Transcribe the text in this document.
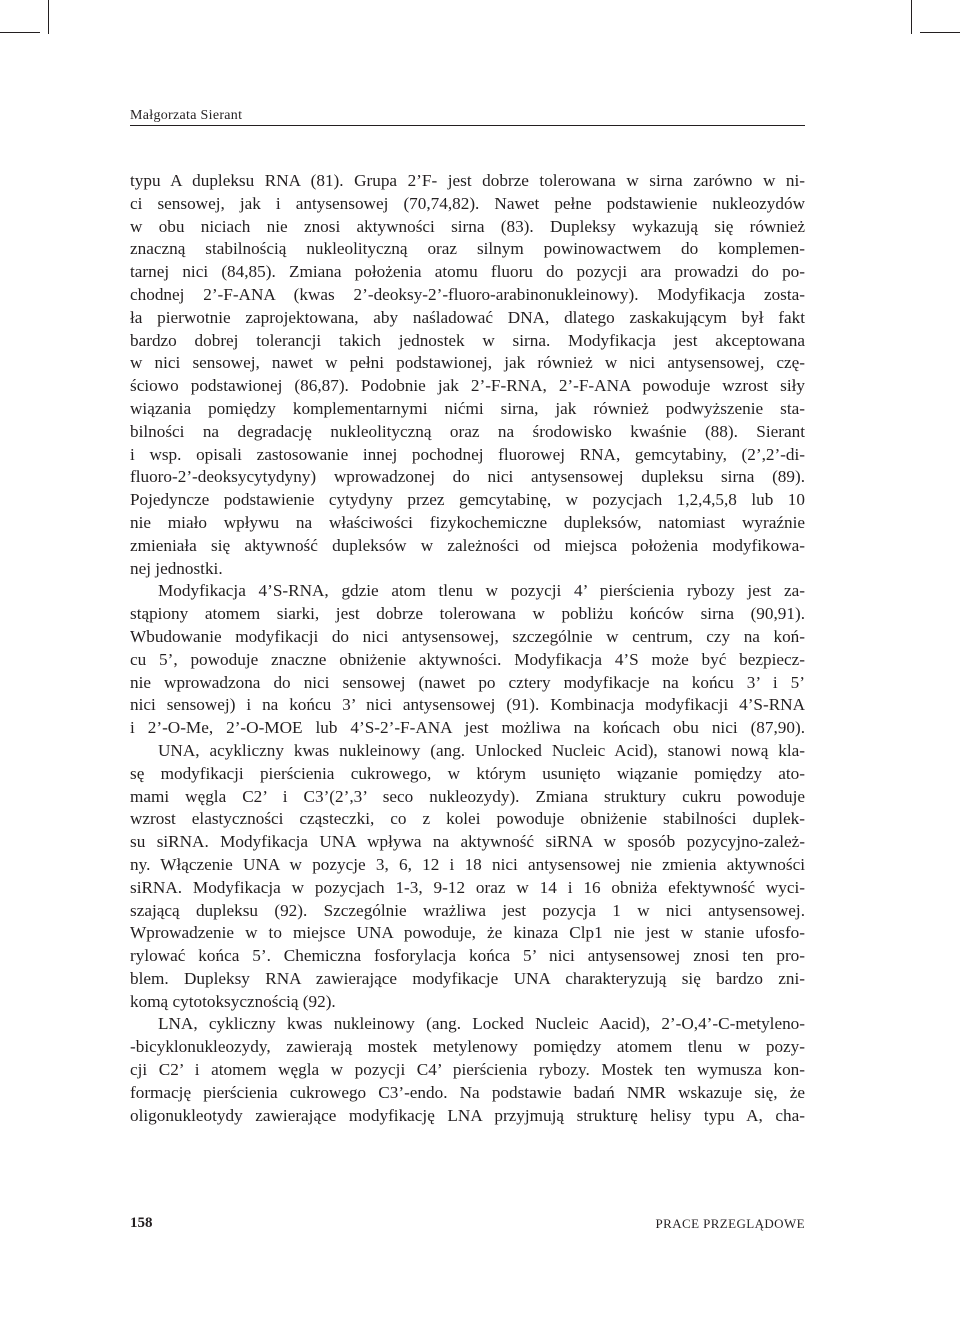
Małgorzata Sierant
typu A dupleksu RNA (81). Grupa 2’F- jest dobrze tolerowana w sirna zarówno w ni-
ci sensowej, jak i antysensowej (70,74,82). Nawet pełne podstawienie nukleozydów
w obu niciach nie znosi aktywności sirna (83). Dupleksy wykazują się również
znaczną stabilnością nukleolityczną oraz silnym powinowactwem do komplemen-
tarnej nici (84,85). Zmiana położenia atomu fluoru do pozycji ara prowadzi do po-
chodnej 2’-F-ANA (kwas 2’-deoksy-2’-fluoro-arabinonukleinowy). Modyfikacja zosta-
ła pierwotnie zaprojektowana, aby naśladować DNA, dlatego zaskakującym był fakt
bardzo dobrej tolerancji takich jednostek w sirna. Modyfikacja jest akceptowana
w nici sensowej, nawet w pełni podstawionej, jak również w nici antysensowej, czę-
ściowo podstawionej (86,87). Podobnie jak 2’-F-RNA, 2’-F-ANA powoduje wzrost siły
wiązania pomiędzy komplementarnymi nićmi sirna, jak również podwyższenie sta-
bilności na degradację nukleolityczną oraz na środowisko kwaśnie (88). Sierant
i wsp. opisali zastosowanie innej pochodnej fluorowej RNA, gemcytabiny, (2’,2’-di-
fluoro-2’-deoksycytydyny) wprowadzonej do nici antysensowej dupleksu sirna (89).
Pojedyncze podstawienie cytydyny przez gemcytabinę, w pozycjach 1,2,4,5,8 lub 10
nie miało wpływu na właściwości fizykochemiczne dupleksów, natomiast wyraźnie
zmieniała się aktywność dupleksów w zależności od miejsca położenia modyfikowa-
nej jednostki.
Modyfikacja 4’S-RNA, gdzie atom tlenu w pozycji 4’ pierścienia rybozy jest za-
stąpiony atomem siarki, jest dobrze tolerowana w pobliżu końców sirna (90,91).
Wbudowanie modyfikacji do nici antysensowej, szczególnie w centrum, czy na koń-
cu 5’, powoduje znaczne obniżenie aktywności. Modyfikacja 4’S może być bezpiecz-
nie wprowadzona do nici sensowej (nawet po cztery modyfikacje na końcu 3’ i 5’
nici sensowej) i na końcu 3’ nici antysensowej (91). Kombinacja modyfikacji 4’S-RNA
i 2’-O-Me, 2’-O-MOE lub 4’S-2’-F-ANA jest możliwa na końcach obu nici (87,90).
UNA, acykliczny kwas nukleinowy (ang. Unlocked Nucleic Acid), stanowi nową kla-
sę modyfikacji pierścienia cukrowego, w którym usunięto wiązanie pomiędzy ato-
mami węgla C2’ i C3’(2’,3’ seco nukleozydy). Zmiana struktury cukru powoduje
wzrost elastyczności cząsteczki, co z kolei powoduje obniżenie stabilności duplek-
su siRNA. Modyfikacja UNA wpływa na aktywność siRNA w sposób pozycyjno-zależ-
ny. Włączenie UNA w pozycje 3, 6, 12 i 18 nici antysensowej nie zmienia aktywności
siRNA. Modyfikacja w pozycjach 1-3, 9-12 oraz w 14 i 16 obniża efektywność wyci-
szającą dupleksu (92). Szczególnie wrażliwa jest pozycja 1 w nici antysensowej.
Wprowadzenie w to miejsce UNA powoduje, że kinaza Clp1 nie jest w stanie ufosfo-
rylować końca 5’. Chemiczna fosforylacja końca 5’ nici antysensowej znosi ten pro-
blem. Dupleksy RNA zawierające modyfikacje UNA charakteryzują się bardzo zni-
komą cytotoksycznością (92).
LNA, cykliczny kwas nukleinowy (ang. Locked Nucleic Aacid), 2’-O,4’-C-metyleno-
-bicyklonukleozydy, zawierają mostek metylenowy pomiędzy atomem tlenu w pozy-
cji C2’ i atomem węgla w pozycji C4’ pierścienia rybozy. Mostek ten wymusza kon-
formację pierścienia cukrowego C3’-endo. Na podstawie badań NMR wskazuje się, że
oligonukleotydy zawierające modyfikację LNA przyjmują strukturę helisy typu A, cha-
158	PRACE PRZEGLĄDOWE
